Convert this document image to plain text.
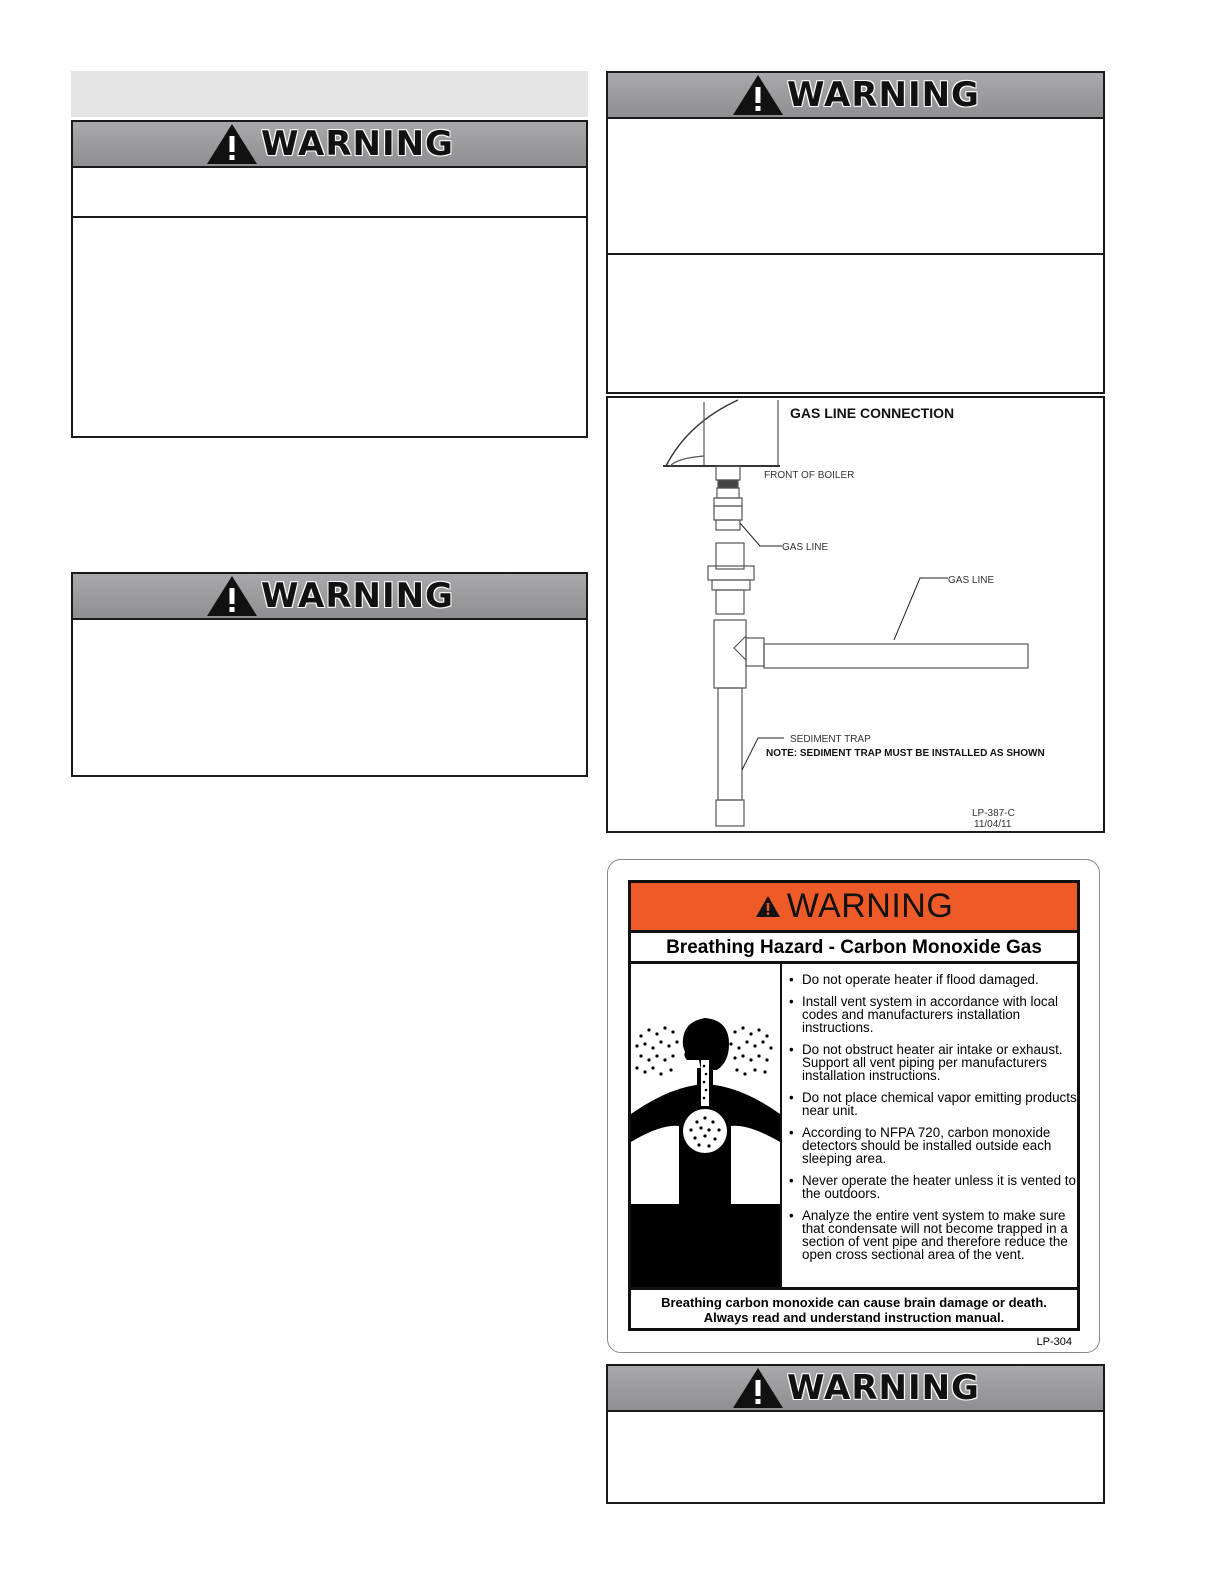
WARNING
WARNING
WARNING
GAS LINE CONNECTION
FRONT OF BOILER
GAS LINE
GAS LINE
SEDIMENT TRAP
NOTE: SEDIMENT TRAP MUST BE INSTALLED AS SHOWN
LP-387-C
11/04/11
WARNING
Breathing Hazard - Carbon Monoxide Gas
• Do not operate heater if flood damaged.
• Install vent system in accordance with local codes and manufacturers installation instructions.
• Do not obstruct heater air intake or exhaust. Support all vent piping per manufacturers installation instructions.
• Do not place chemical vapor emitting products near unit.
• According to NFPA 720, carbon monoxide detectors should be installed outside each sleeping area.
• Never operate the heater unless it is vented to the outdoors.
• Analyze the entire vent system to make sure that condensate will not become trapped in a section of vent pipe and therefore reduce the open cross sectional area of the vent.
Breathing carbon monoxide can cause brain damage or death.
Always read and understand instruction manual.
LP-304
WARNING
